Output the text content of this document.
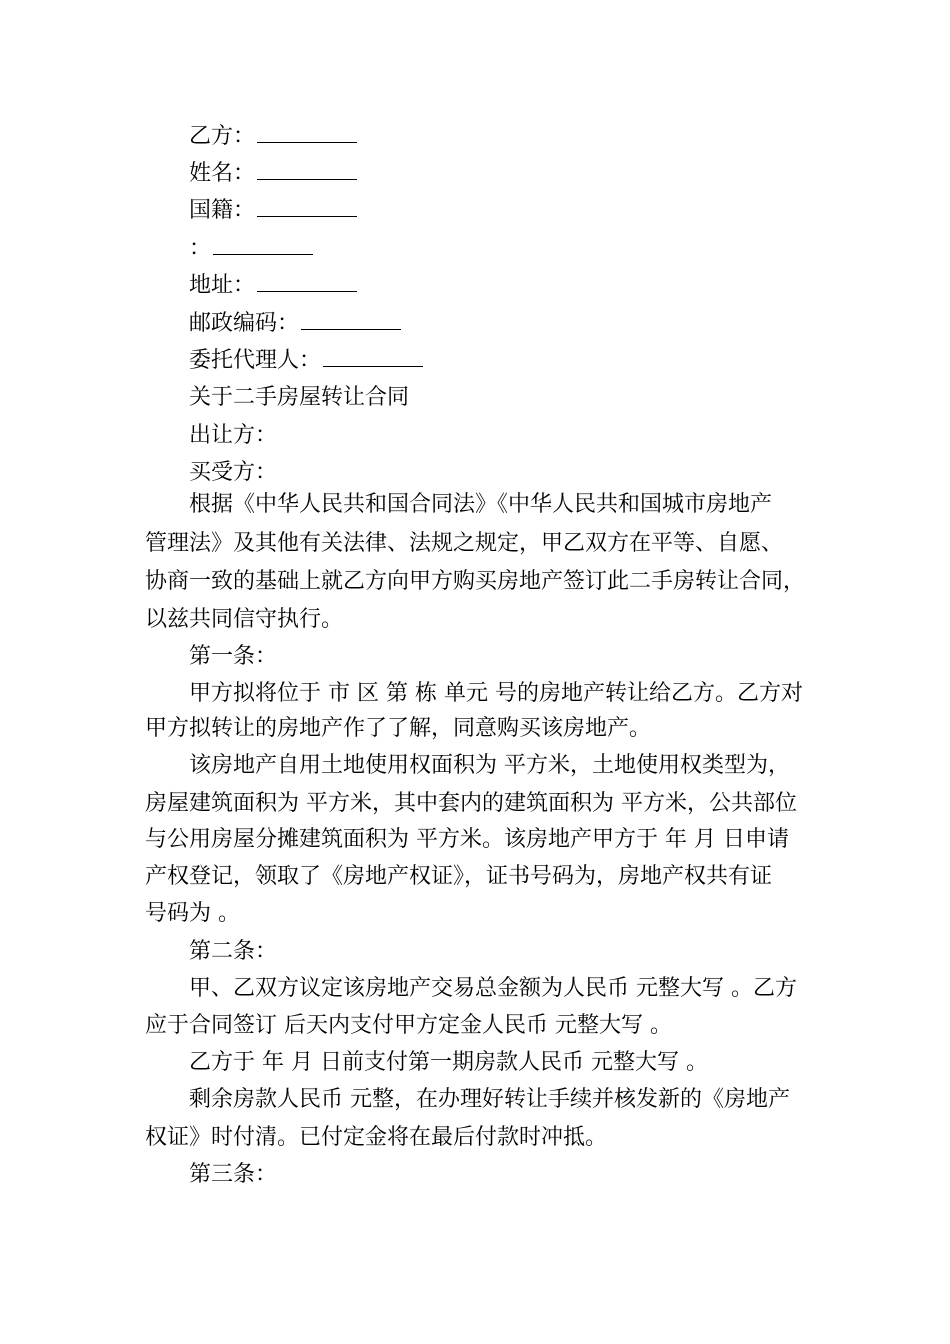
乙方：
姓名：
国籍：
：
地址：
邮政编码：
委托代理人：
关于二手房屋转让合同
出让方：
买受方：
根据《中华人民共和国合同法》《中华人民共和国城市房地产
管理法》及其他有关法律、法规之规定，甲乙双方在平等、自愿、
协商一致的基础上就乙方向甲方购买房地产签订此二手房转让合同，
以兹共同信守执行。
第一条：
甲方拟将位于 市 区 第 栋 单元 号的房地产转让给乙方。乙方对
甲方拟转让的房地产作了了解，同意购买该房地产。
该房地产自用土地使用权面积为 平方米，土地使用权类型为，
房屋建筑面积为 平方米，其中套内的建筑面积为 平方米，公共部位
与公用房屋分摊建筑面积为 平方米。该房地产甲方于 年 月 日申请
产权登记，领取了《房地产权证》，证书号码为，房地产权共有证
号码为 。
第二条：
甲、乙双方议定该房地产交易总金额为人民币 元整大写 。乙方
应于合同签订 后天内支付甲方定金人民币 元整大写 。
乙方于 年 月 日前支付第一期房款人民币 元整大写 。
剩余房款人民币 元整，在办理好转让手续并核发新的《房地产
权证》时付清。已付定金将在最后付款时冲抵。
第三条：
